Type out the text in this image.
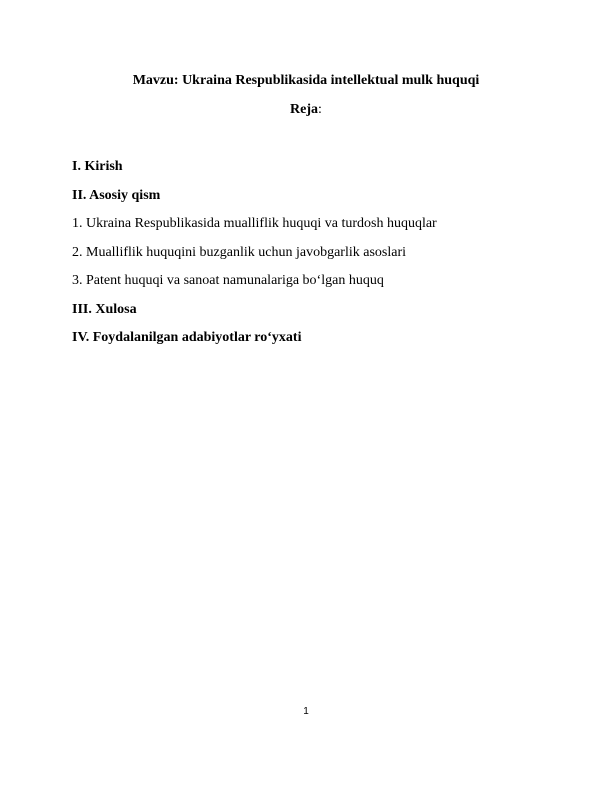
Mavzu: Ukraina Respublikasida intellektual mulk huquqi
Reja:
I. Kirish
II. Asosiy qism
1. Ukraina Respublikasida mualliflik huquqi va turdosh huquqlar
2. Mualliflik huquqini buzganlik uchun javobgarlik asoslari
3. Patent huquqi va sanoat namunalariga bo‘lgan huquq
III. Xulosa
IV. Foydalanilgan adabiyotlar ro‘yxati
1
